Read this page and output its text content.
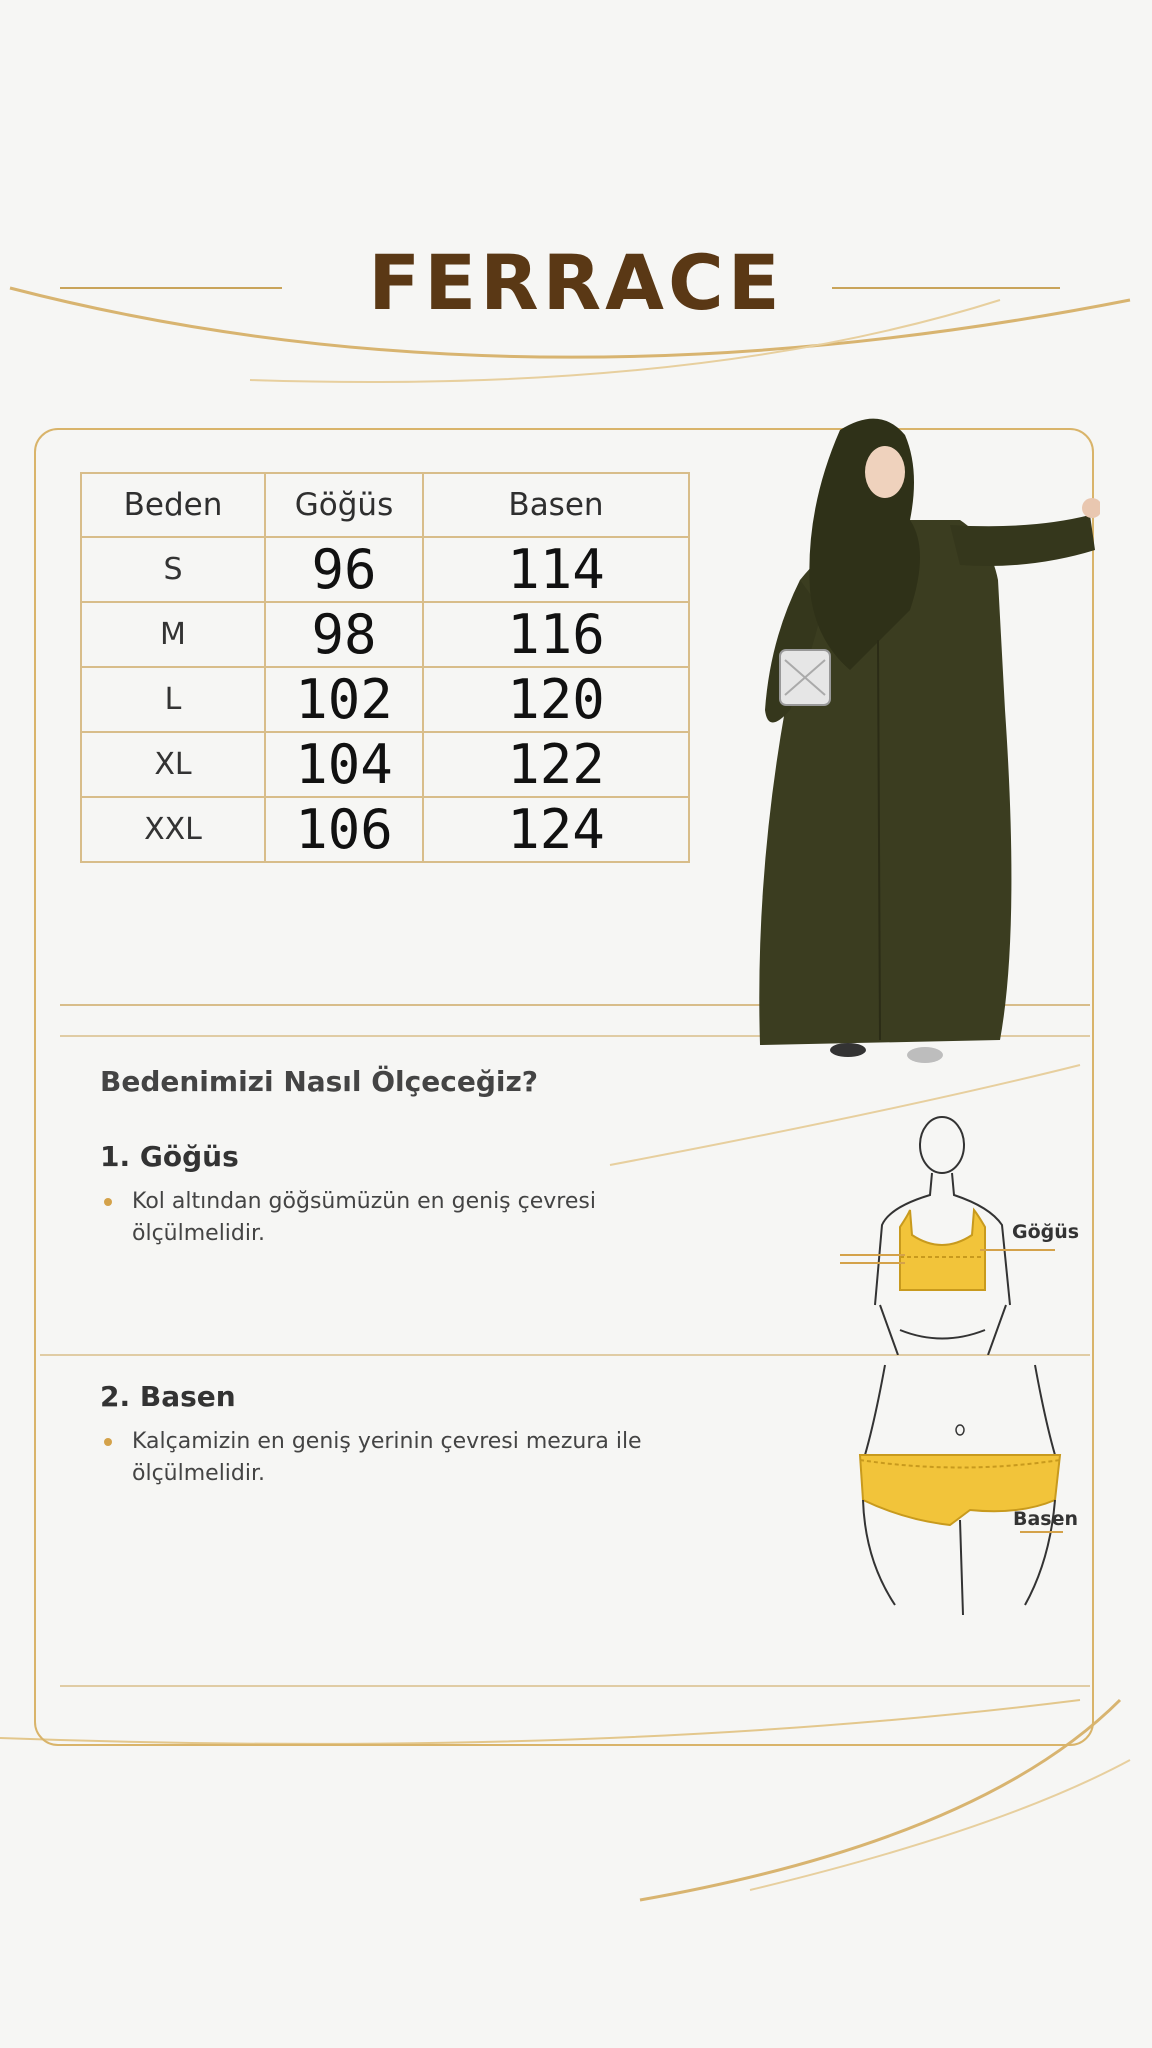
FERRACE
Beden	Göğüs	Basen
S	96	114
M	98	116
L	102	120
XL	104	122
XXL	106	124
Bedenimizi Nasıl Ölçeceğiz?
1. Göğüs
Kol altından göğsümüzün en geniş çevresi ölçülmelidir.
2. Basen
Kalçamizin en geniş yerinin çevresi mezura ile ölçülmelidir.
Göğüs
Basen
